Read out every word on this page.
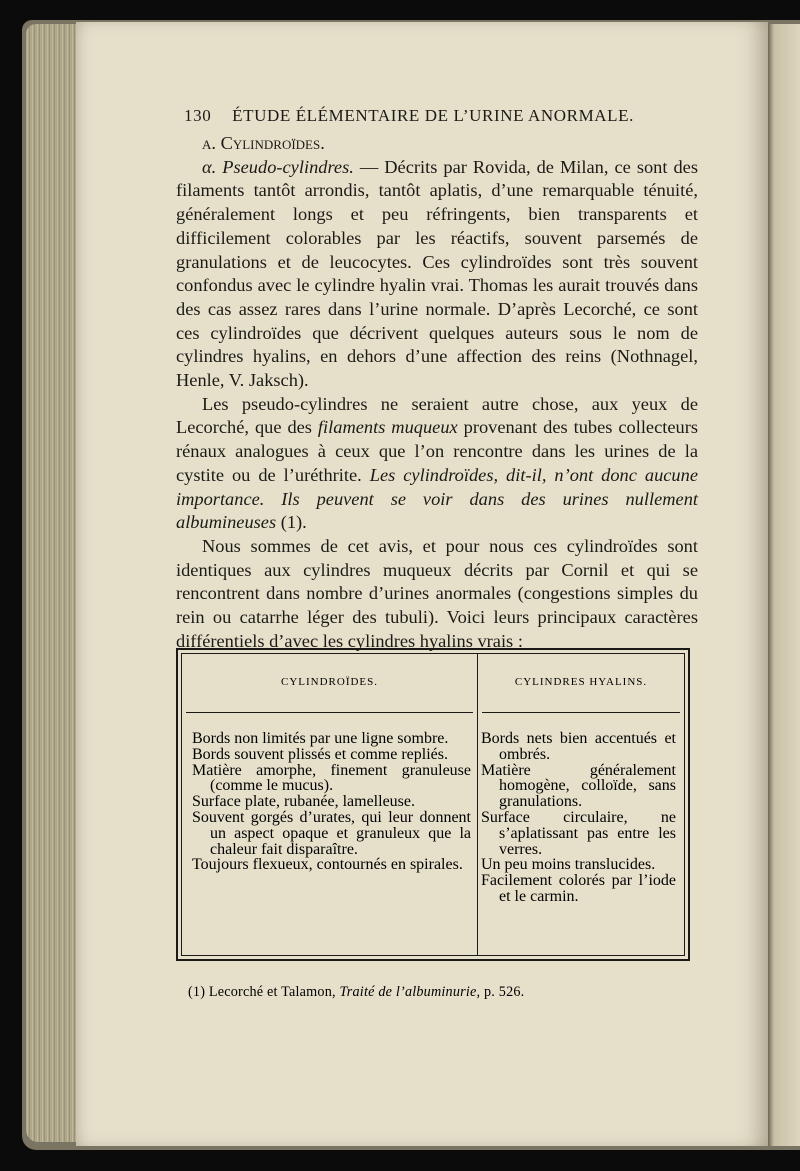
130 ÉTUDE ÉLÉMENTAIRE DE L’URINE ANORMALE.

a. Cylindroïdes.

α. Pseudo-cylindres. — Décrits par Rovida, de Milan, ce sont des filaments tantôt arrondis, tantôt aplatis, d’une remarquable ténuité, généralement longs et peu réfringents, bien transparents et difficilement colorables par les réactifs, souvent parsemés de granulations et de leucocytes. Ces cylindroïdes sont très souvent confondus avec le cylindre hyalin vrai. Thomas les aurait trouvés dans des cas assez rares dans l’urine normale. D’après Lecorché, ce sont ces cylindroïdes que décrivent quelques auteurs sous le nom de cylindres hyalins, en dehors d’une affection des reins (Nothnagel, Henle, V. Jaksch).

Les pseudo-cylindres ne seraient autre chose, aux yeux de Lecorché, que des filaments muqueux provenant des tubes collecteurs rénaux analogues à ceux que l’on rencontre dans les urines de la cystite ou de l’uréthrite. Les cylindroïdes, dit-il, n’ont donc aucune importance. Ils peuvent se voir dans des urines nullement albumineuses (1).

Nous sommes de cet avis, et pour nous ces cylindroïdes sont identiques aux cylindres muqueux décrits par Cornil et qui se rencontrent dans nombre d’urines anormales (congestions simples du rein ou catarrhe léger des tubuli). Voici leurs principaux caractères différentiels d’avec les cylindres hyalins vrais :

CYLINDROÏDES.
Bords non limités par une ligne sombre.
Bords souvent plissés et comme repliés.
Matière amorphe, finement granuleuse (comme le mucus).
Surface plate, rubanée, lamelleuse.
Souvent gorgés d’urates, qui leur donnent un aspect opaque et granuleux que la chaleur fait disparaître.
Toujours flexueux, contournés en spirales.
CYLINDRES HYALINS.
Bords nets bien accentués et ombrés.
Matière généralement homogène, colloïde, sans granulations.
Surface circulaire, ne s’aplatissant pas entre les verres.
Un peu moins translucides.
Facilement colorés par l’iode et le carmin.
(1) Lecorché et Talamon, Traité de l’albuminurie, p. 526.
